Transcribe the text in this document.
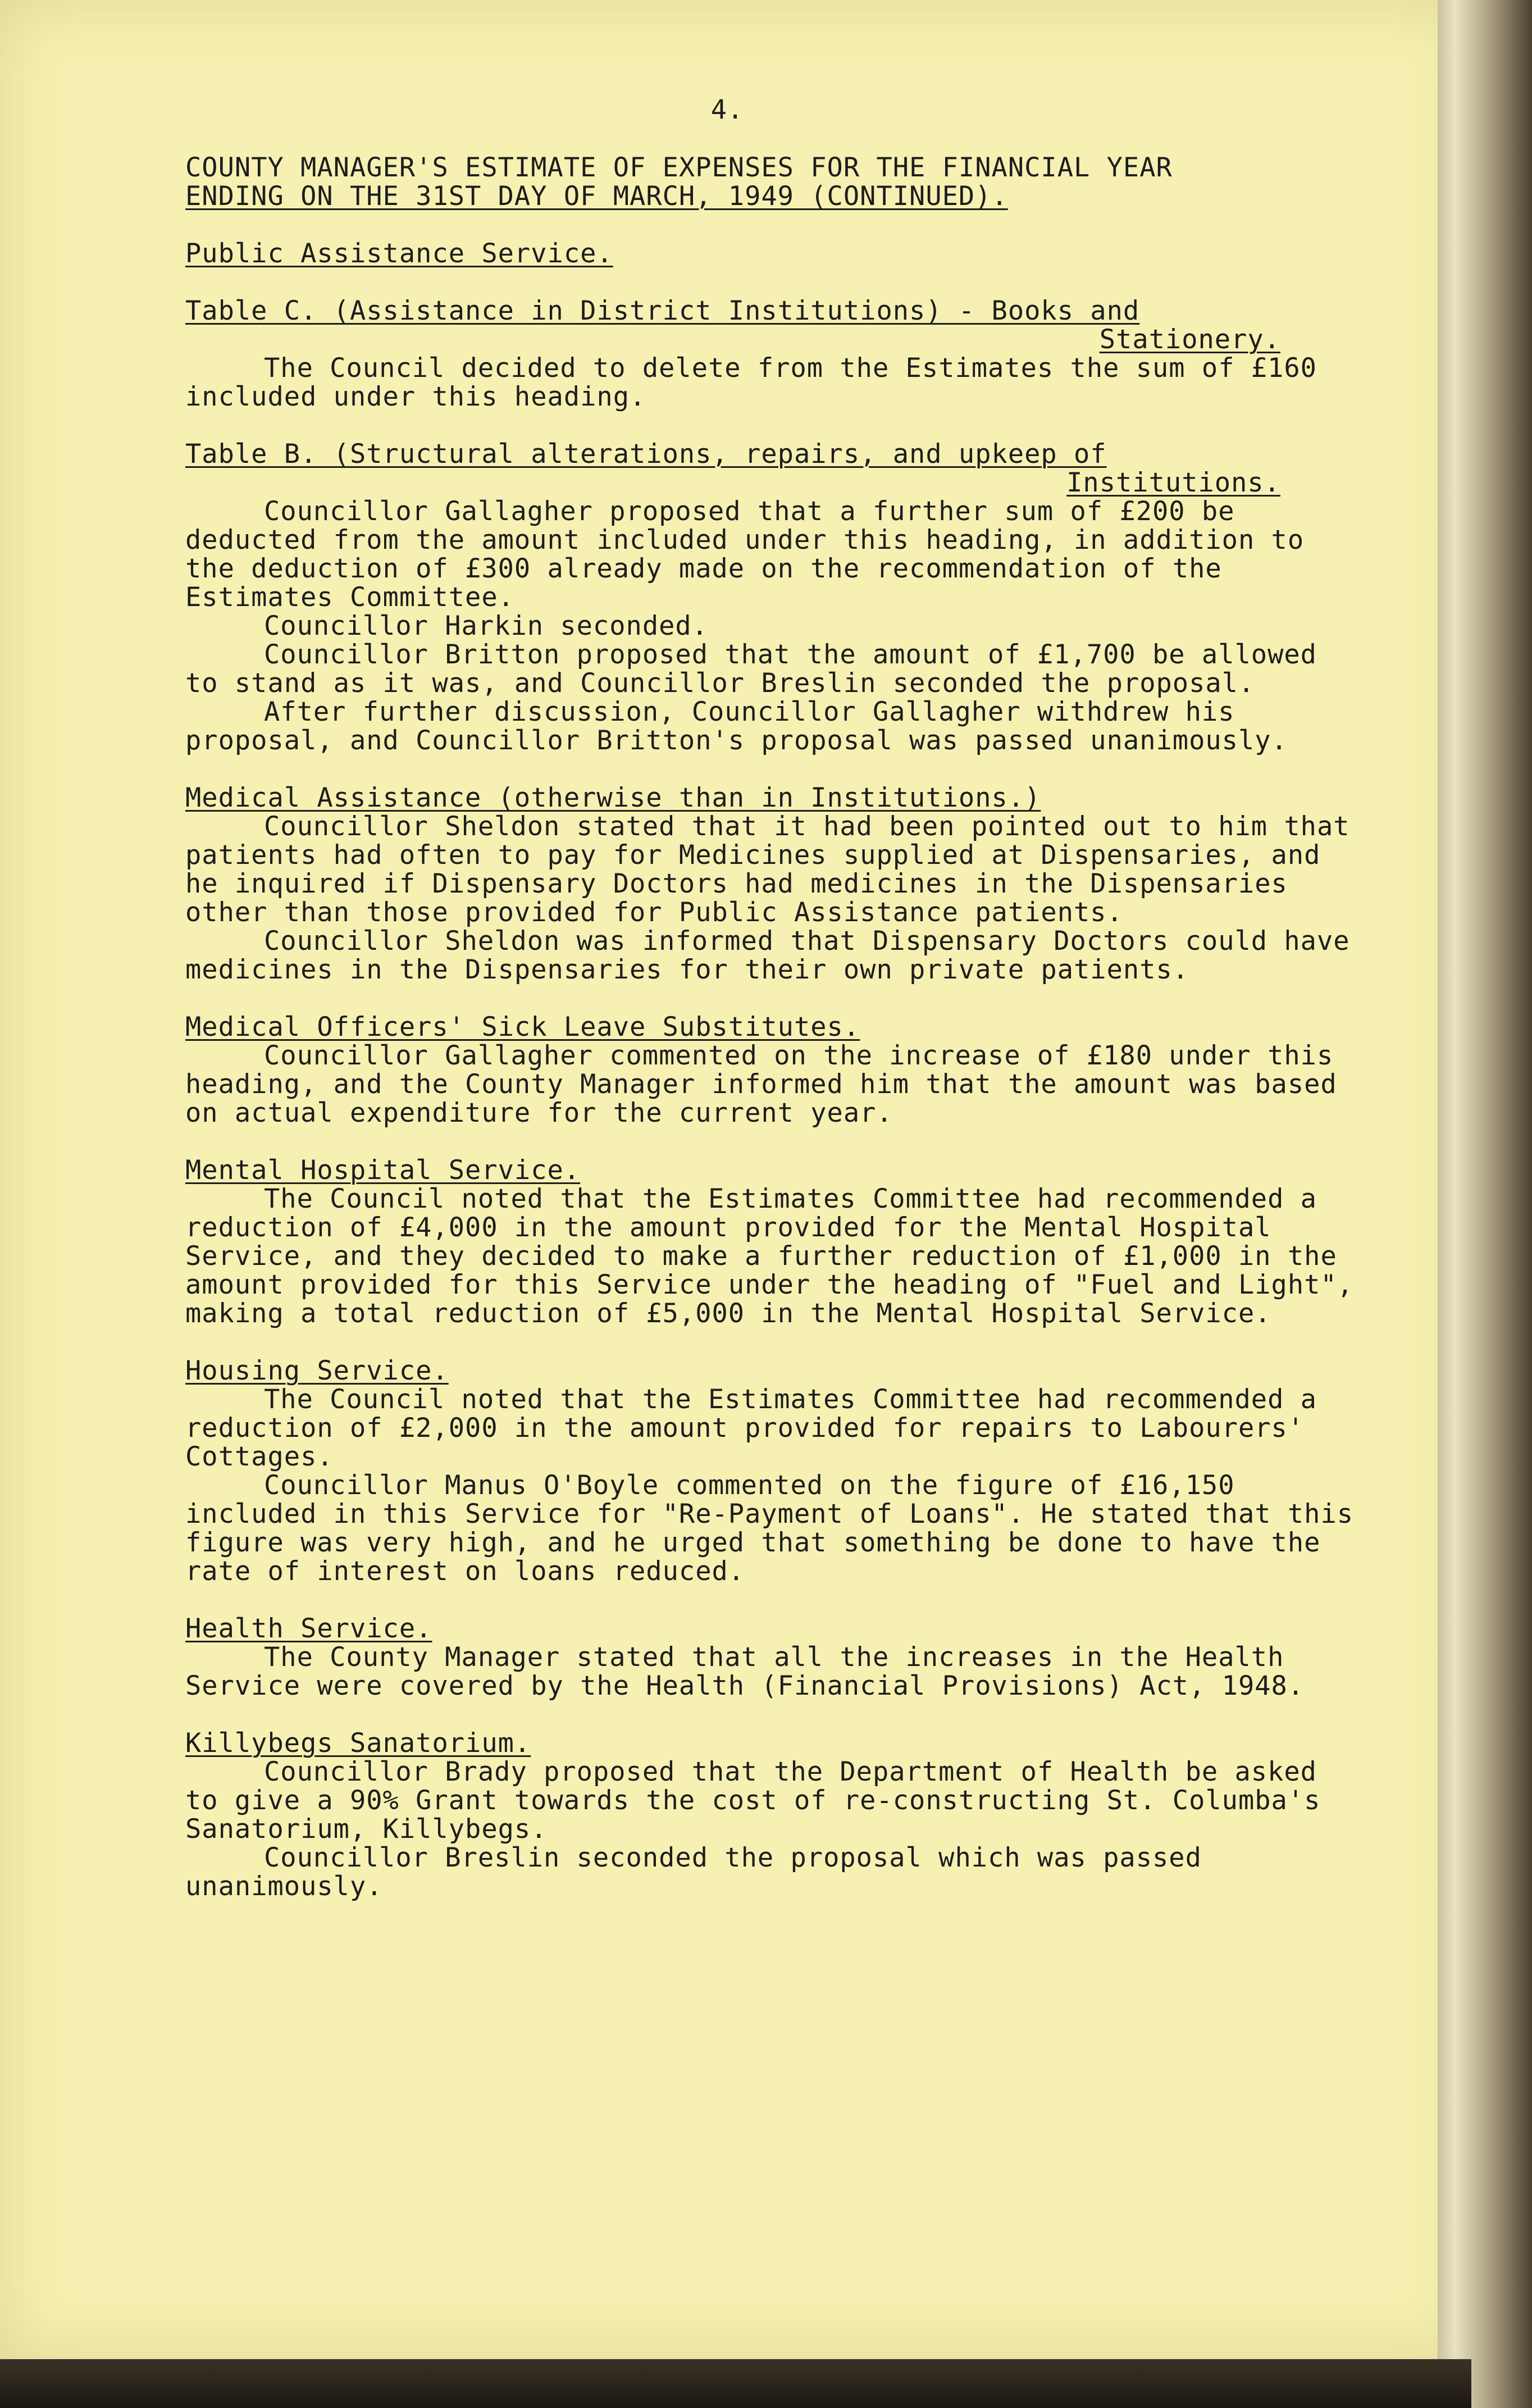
4.
COUNTY MANAGER'S ESTIMATE OF EXPENSES FOR THE FINANCIAL YEAR
ENDING ON THE 31ST DAY OF MARCH, 1949 (CONTINUED).
Public Assistance Service.
Table C. (Assistance in District Institutions) - Books and
Stationery.

The Council decided to delete from the Estimates the sum of £160 included under this heading.

Table B. (Structural alterations, repairs, and upkeep of
Institutions.

Councillor Gallagher proposed that a further sum of £200 be deducted from the amount included under this heading, in addition to the deduction of £300 already made on the recommendation of the Estimates Committee.

Councillor Harkin seconded.

Councillor Britton proposed that the amount of £1,700 be allowed to stand as it was, and Councillor Breslin seconded the proposal.

After further discussion, Councillor Gallagher withdrew his proposal, and Councillor Britton's proposal was passed unanimously.

Medical Assistance (otherwise than in Institutions.)

Councillor Sheldon stated that it had been pointed out to him that patients had often to pay for Medicines supplied at Dispensaries, and he inquired if Dispensary Doctors had medicines in the Dispensaries other than those provided for Public Assistance patients.

Councillor Sheldon was informed that Dispensary Doctors could have medicines in the Dispensaries for their own private patients.

Medical Officers' Sick Leave Substitutes.

Councillor Gallagher commented on the increase of £180 under this heading, and the County Manager informed him that the amount was based on actual expenditure for the current year.

Mental Hospital Service.

The Council noted that the Estimates Committee had recommended a reduction of £4,000 in the amount provided for the Mental Hospital Service, and they decided to make a further reduction of £1,000 in the amount provided for this Service under the heading of "Fuel and Light", making a total reduction of £5,000 in the Mental Hospital Service.

Housing Service.

The Council noted that the Estimates Committee had recommended a reduction of £2,000 in the amount provided for repairs to Labourers' Cottages.

Councillor Manus O'Boyle commented on the figure of £16,150 included in this Service for "Re-Payment of Loans". He stated that this figure was very high, and he urged that something be done to have the rate of interest on loans reduced.

Health Service.

The County Manager stated that all the increases in the Health Service were covered by the Health (Financial Provisions) Act, 1948.

Killybegs Sanatorium.

Councillor Brady proposed that the Department of Health be asked to give a 90% Grant towards the cost of re-constructing St. Columba's Sanatorium, Killybegs.

Councillor Breslin seconded the proposal which was passed unanimously.
